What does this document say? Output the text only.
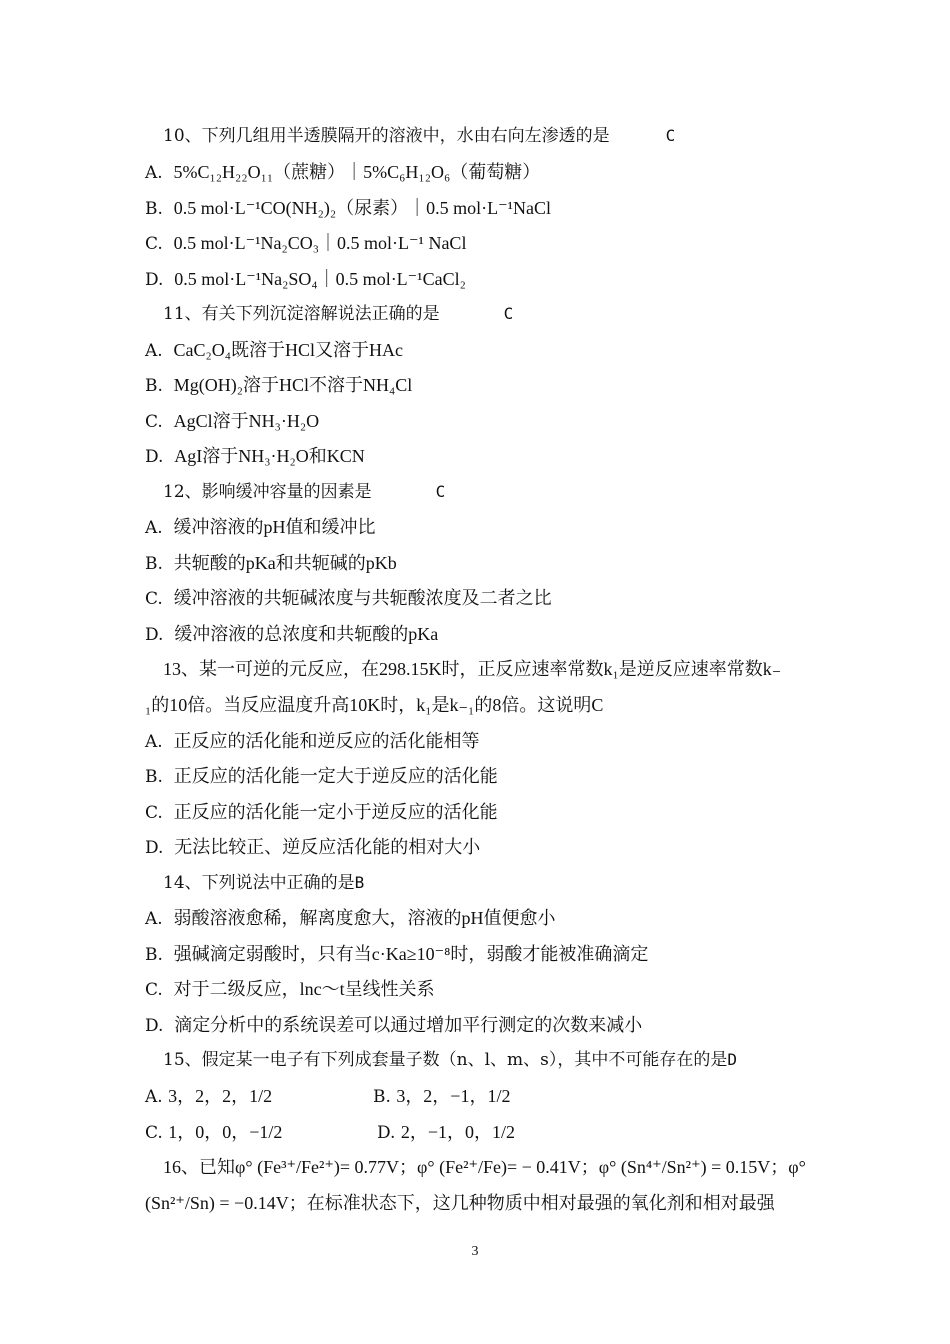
10、下列几组用半透膜隔开的溶液中，水由右向左渗透的是	C
A. 5%C₁₂H₂₂O₁₁（蔗糖）｜5%C₆H₁₂O₆（葡萄糖）
B. 0.5 mol·L⁻¹CO(NH₂)₂（尿素）｜0.5 mol·L⁻¹NaCl
C. 0.5 mol·L⁻¹Na₂CO₃｜0.5 mol·L⁻¹ NaCl
D. 0.5 mol·L⁻¹Na₂SO₄｜0.5 mol·L⁻¹CaCl₂
11、有关下列沉淀溶解说法正确的是	C
A. CaC₂O₄既溶于HCl又溶于HAc
B. Mg(OH)₂溶于HCl不溶于NH₄Cl
C. AgCl溶于NH₃·H₂O
D. AgI溶于NH₃·H₂O和KCN
12、影响缓冲容量的因素是	C
A. 缓冲溶液的pH值和缓冲比
B. 共轭酸的pKa和共轭碱的pKb
C. 缓冲溶液的共轭碱浓度与共轭酸浓度及二者之比
D. 缓冲溶液的总浓度和共轭酸的pKa
13、某一可逆的元反应，在298.15K时，正反应速率常数k₁是逆反应速率常数k₋
₁的10倍。当反应温度升高10K时，k₁是k₋₁的8倍。这说明C
A. 正反应的活化能和逆反应的活化能相等
B. 正反应的活化能一定大于逆反应的活化能
C. 正反应的活化能一定小于逆反应的活化能
D. 无法比较正、逆反应活化能的相对大小
14、下列说法中正确的是B
A. 弱酸溶液愈稀，解离度愈大，溶液的pH值便愈小
B. 强碱滴定弱酸时，只有当c·Ka≥10⁻⁸时，弱酸才能被准确滴定
C. 对于二级反应，lnc～t呈线性关系
D. 滴定分析中的系统误差可以通过增加平行测定的次数来减小
15、假定某一电子有下列成套量子数（n、l、m、s），其中不可能存在的是D
A. 3，2，2，1/2	B. 3，2，−1，1/2
C. 1，0，0，−1/2	D. 2，−1，0，1/2
16、已知φ° (Fe³⁺/Fe²⁺)= 0.77V；φ° (Fe²⁺/Fe)= − 0.41V；φ° (Sn⁴⁺/Sn²⁺) = 0.15V；φ°
(Sn²⁺/Sn) = −0.14V；在标准状态下，这几种物质中相对最强的氧化剂和相对最强
3
